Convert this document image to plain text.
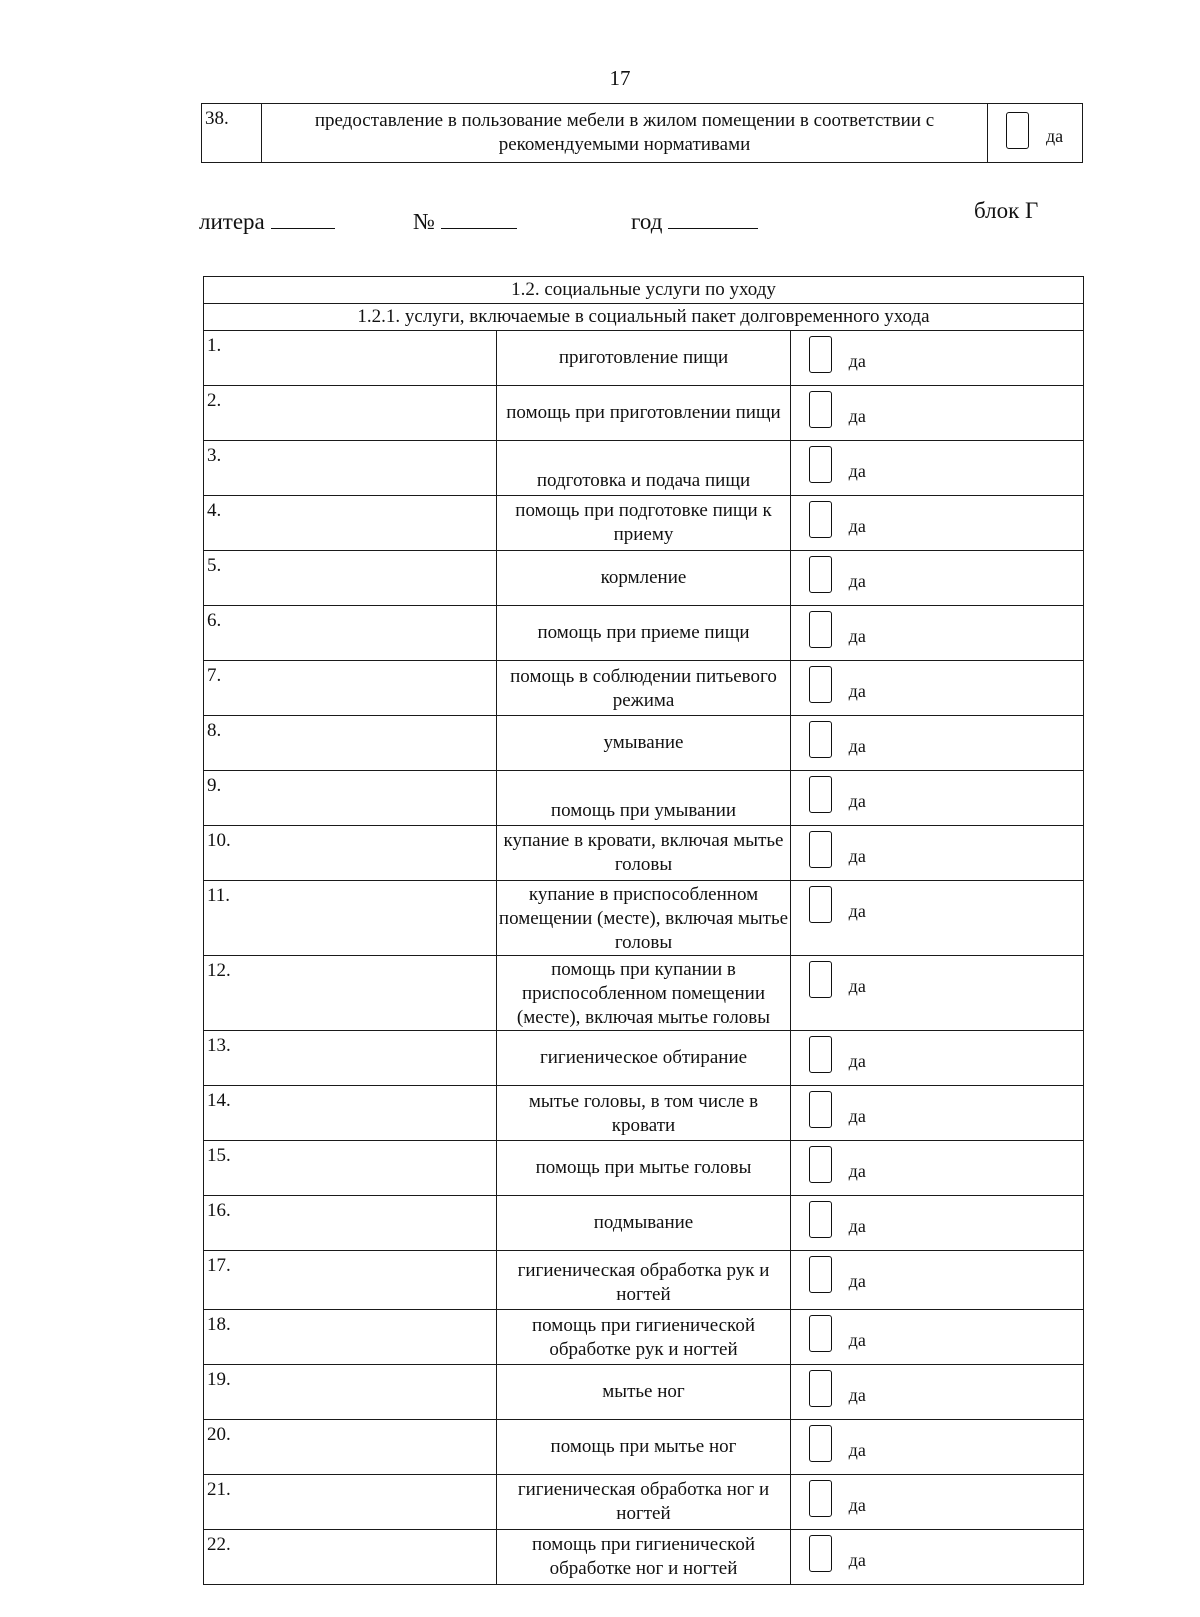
17
38.	предоставление в пользование мебели в жилом помещении в соответствии с рекомендуемыми нормативами	да
литера	№	год	блок Г
1.2. социальные услуги по уходу		
1.2.1. услуги, включаемые в социальный пакет долговременного ухода		
1.	приготовление пищи	да

2.	помощь при приготовлении пищи	да

3.	подготовка и подача пищи	да

4.	помощь при подготовке пищи к приему	да

5.	кормление	да

6.	помощь при приеме пищи	да

7.	помощь в соблюдении питьевого режима	да

8.	умывание	да

9.	помощь при умывании	да

10.	купание в кровати, включая мытье головы	да

11.	купание в приспособленном помещении (месте), включая мытье головы	да

12.	помощь при купании в приспособленном помещении (месте), включая мытье головы	да

13.	гигиеническое обтирание	да

14.	мытье головы, в том числе в кровати	да

15.	помощь при мытье головы	да

16.	подмывание	да

17.	гигиеническая обработка рук и ногтей	да

18.	помощь при гигиенической обработке рук и ногтей	да

19.	мытье ног	да

20.	помощь при мытье ног	да

21.	гигиеническая обработка ног и ногтей	да

22.	помощь при гигиенической обработке ног и ногтей	да
